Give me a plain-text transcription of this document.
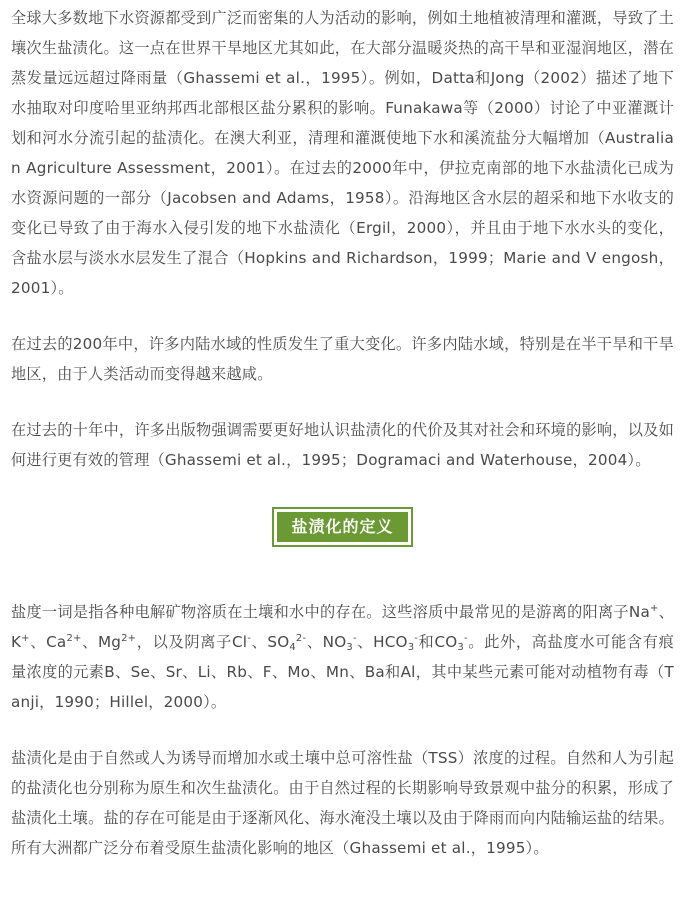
全球大多数地下水资源都受到广泛而密集的人为活动的影响，例如土地植被清理和灌溉，导致了土壤次生盐渍化。这一点在世界干旱地区尤其如此，在大部分温暖炎热的高干旱和亚湿润地区，潜在蒸发量远远超过降雨量（Ghassemi et al.，1995）。例如，Datta和Jong（2002）描述了地下水抽取对印度哈里亚纳邦西北部根区盐分累积的影响。Funakawa等（2000）讨论了中亚灌溉计划和河水分流引起的盐渍化。在澳大利亚，清理和灌溉使地下水和溪流盐分大幅增加（Australian Agriculture Assessment，2001）。在过去的2000年中，伊拉克南部的地下水盐渍化已成为水资源问题的一部分（Jacobsen and Adams，1958）。沿海地区含水层的超采和地下水收支的变化已导致了由于海水入侵引发的地下水盐渍化（Ergil，2000），并且由于地下水水头的变化，含盐水层与淡水水层发生了混合（Hopkins and Richardson，1999；Marie and V engosh，2001）。

在过去的200年中，许多内陆水域的性质发生了重大变化。许多内陆水域，特别是在半干旱和干旱地区，由于人类活动而变得越来越咸。

在过去的十年中，许多出版物强调需要更好地认识盐渍化的代价及其对社会和环境的影响，以及如何进行更有效的管理（Ghassemi et al.，1995；Dogramaci and Waterhouse，2004）。

盐渍化的定义

盐度一词是指各种电解矿物溶质在土壤和水中的存在。这些溶质中最常见的是游离的阳离子Na+、K+、$Ca^{2+}$、$Mg^{2+}$，以及阴离子Cl-、$SO_4^{2-}$、$NO_3^-$、$HCO_3^-$和$CO_3^-$。此外，高盐度水可能含有痕量浓度的元素B、Se、Sr、Li、Rb、F、Mo、Mn、Ba和Al，其中某些元素可能对动植物有毒（Tanji，1990；Hillel，2000）。

盐渍化是由于自然或人为诱导而增加水或土壤中总可溶性盐（TSS）浓度的过程。自然和人为引起的盐渍化也分别称为原生和次生盐渍化。由于自然过程的长期影响导致景观中盐分的积累，形成了盐渍化土壤。盐的存在可能是由于逐渐风化、海水淹没土壤以及由于降雨而向内陆输运盐的结果。所有大洲都广泛分布着受原生盐渍化影响的地区（Ghassemi et al.，1995）。
